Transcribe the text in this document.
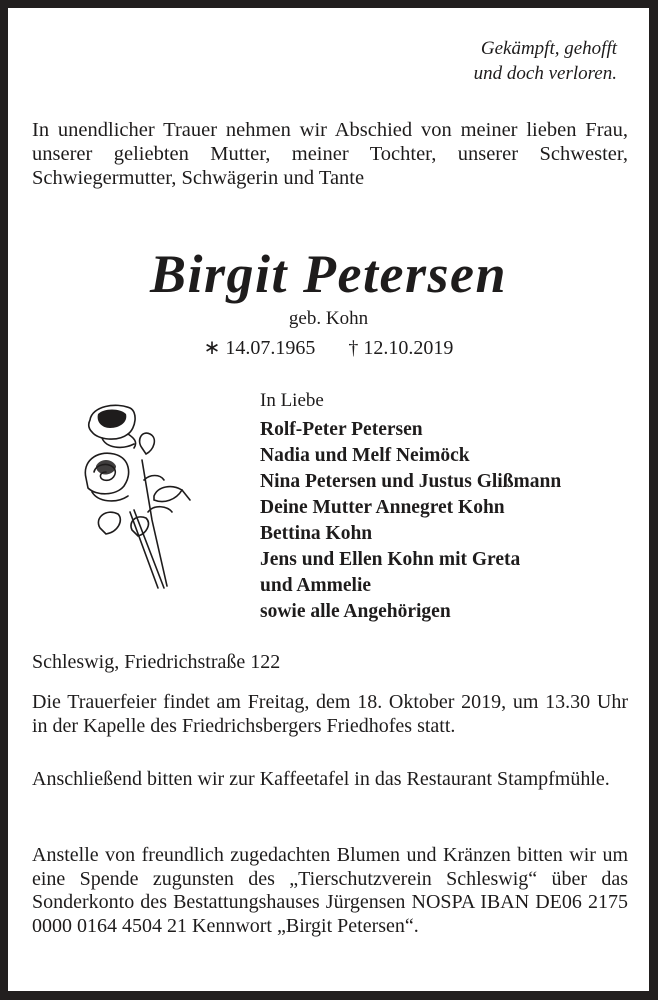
Gekämpft, gehofft
und doch verloren.
In unendlicher Trauer nehmen wir Abschied von meiner lieben Frau, unserer geliebten Mutter, meiner Tochter, unserer Schwester, Schwiegermutter, Schwägerin und Tante
Birgit Petersen
geb. Kohn
∗ 14.07.1965 † 12.10.2019
In Liebe
Rolf-Peter Petersen
Nadia und Melf Neimöck
Nina Petersen und Justus Glißmann
Deine Mutter Annegret Kohn
Bettina Kohn
Jens und Ellen Kohn mit Greta
und Ammelie
sowie alle Angehörigen
Schleswig, Friedrichstraße 122
Die Trauerfeier findet am Freitag, dem 18. Oktober 2019, um 13.30 Uhr in der Kapelle des Friedrichsbergers Friedhofes statt.
Anschließend bitten wir zur Kaffeetafel in das Restaurant Stampfmühle.
Anstelle von freundlich zugedachten Blumen und Kränzen bitten wir um eine Spende zugunsten des „Tierschutzverein Schleswig“ über das Sonderkonto des Bestattungshauses Jürgensen NOSPA IBAN DE06 2175 0000 0164 4504 21 Kennwort „Birgit Petersen“.
